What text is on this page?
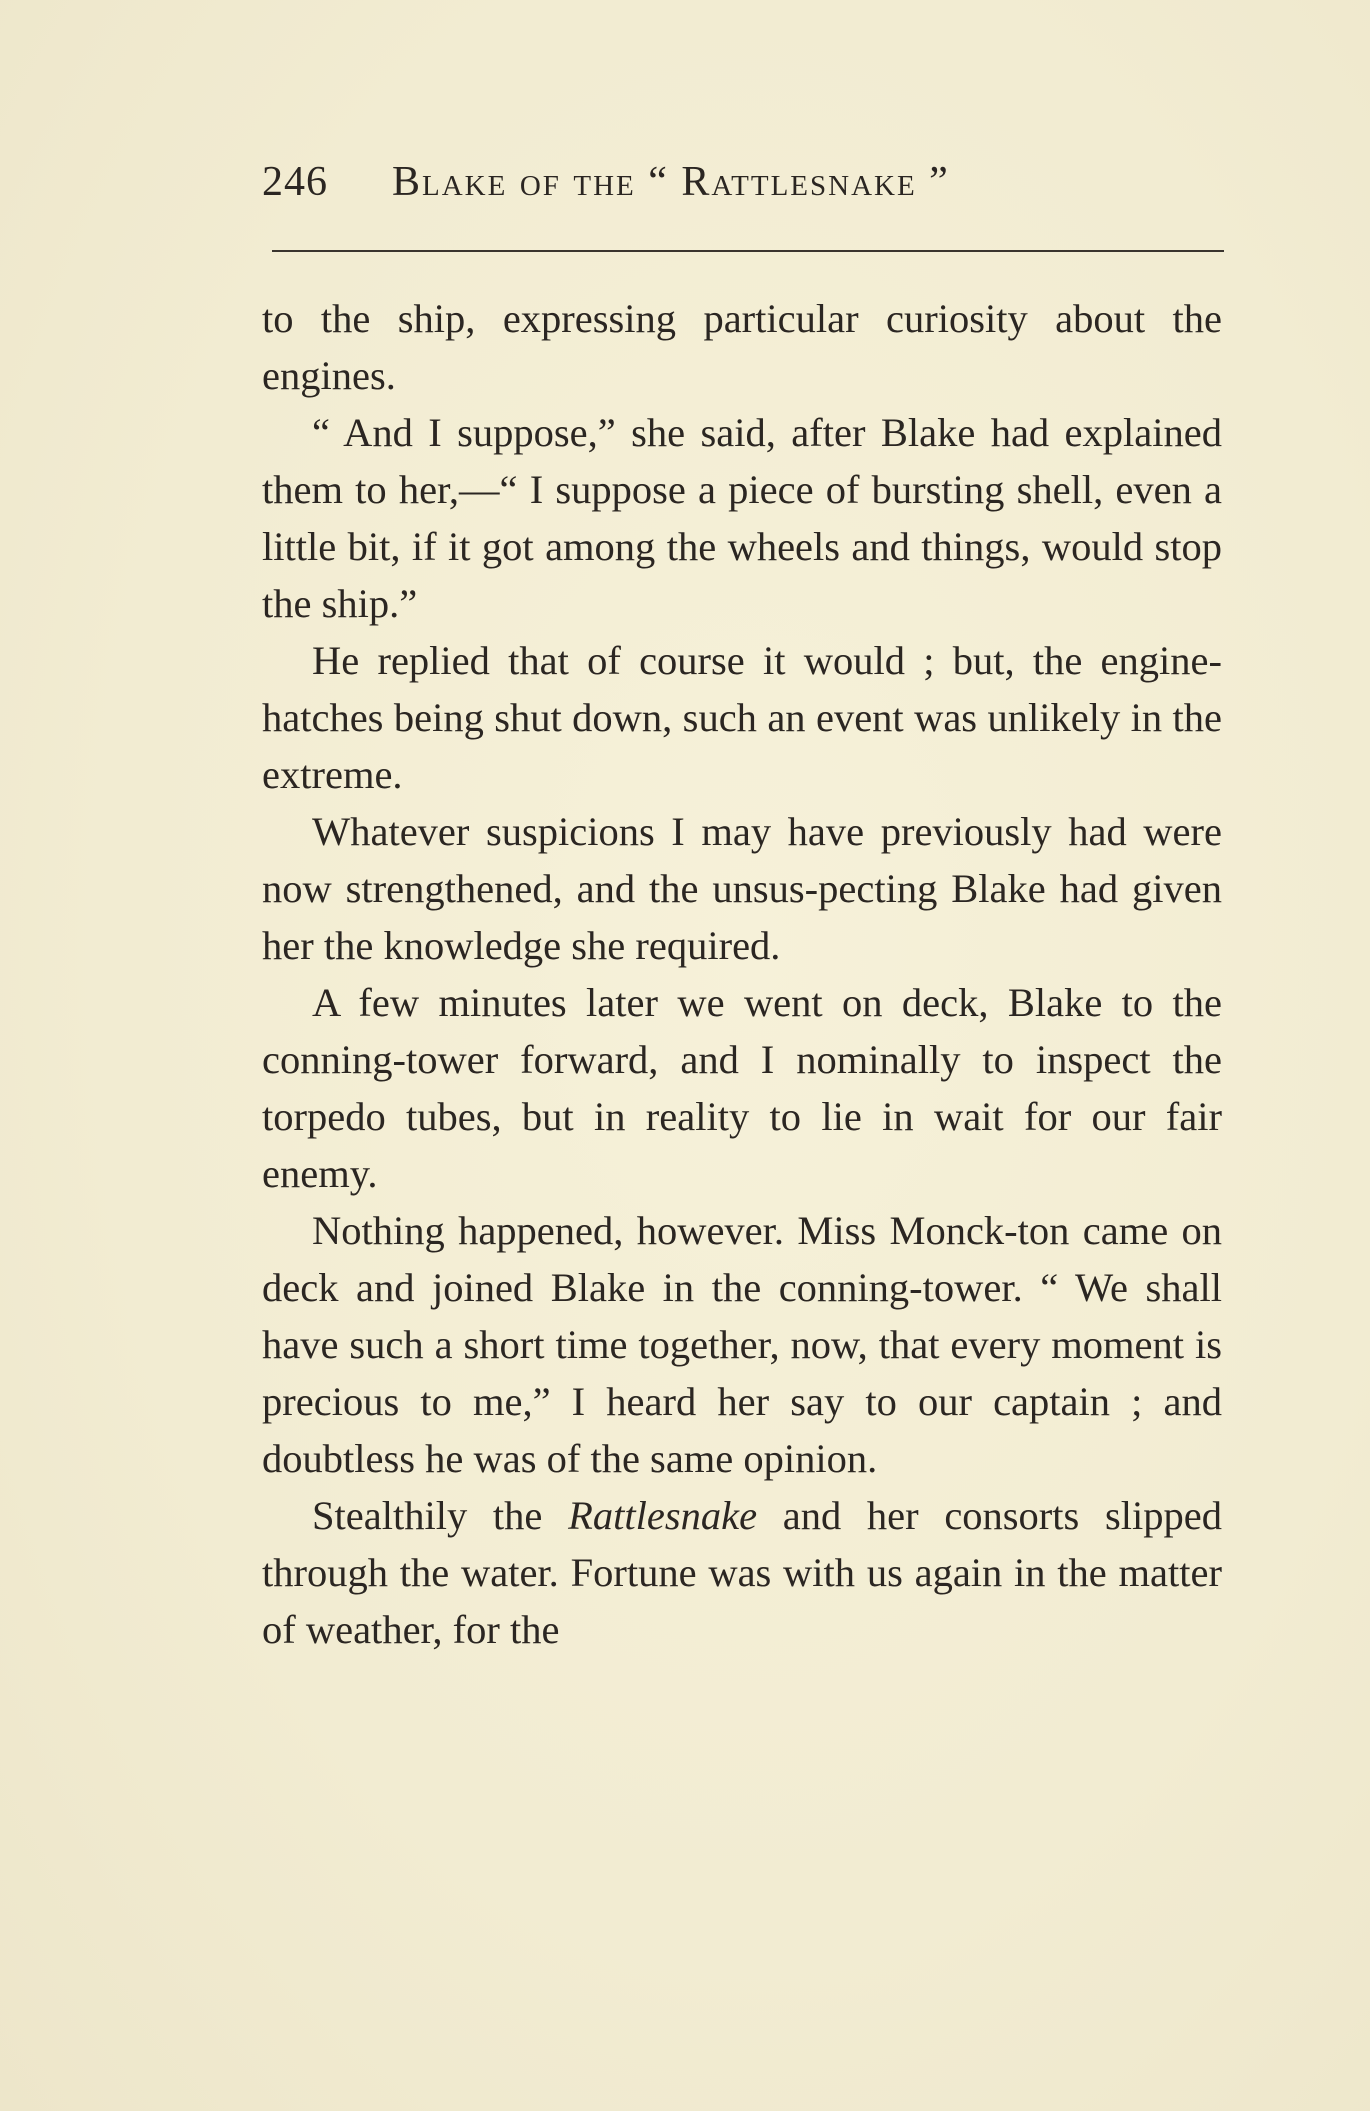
246 Blake of the “ Rattlesnake ”

to the ship, expressing particular curiosity about the engines.

“ And I suppose,” she said, after Blake had explained them to her,—“ I suppose a piece of bursting shell, even a little bit, if it got among the wheels and things, would stop the ship.”

He replied that of course it would ; but, the engine-hatches being shut down, such an event was unlikely in the extreme.

Whatever suspicions I may have previously had were now strengthened, and the unsus-pecting Blake had given her the knowledge she required.

A few minutes later we went on deck, Blake to the conning-tower forward, and I nominally to inspect the torpedo tubes, but in reality to lie in wait for our fair enemy.

Nothing happened, however. Miss Monck-ton came on deck and joined Blake in the conning-tower. “ We shall have such a short time together, now, that every moment is precious to me,” I heard her say to our captain ; and doubtless he was of the same opinion.

Stealthily the Rattlesnake and her consorts slipped through the water. Fortune was with us again in the matter of weather, for the
